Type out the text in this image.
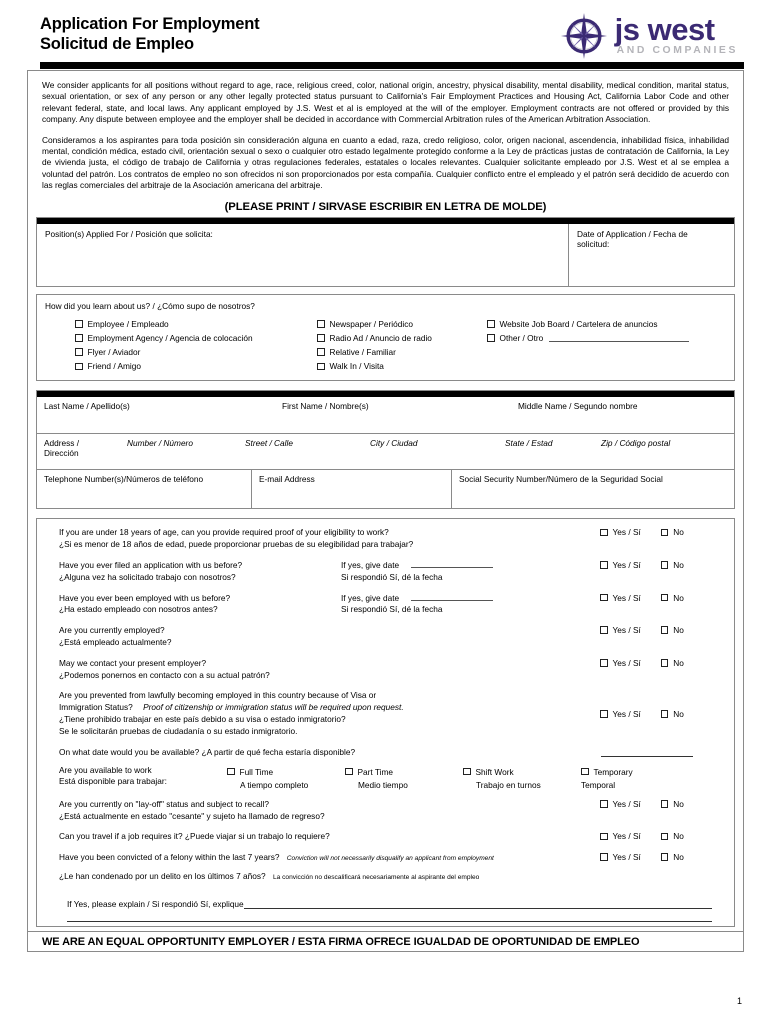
Application For Employment
Solicitud de Empleo	js west
AND COMPANIES

We consider applicants for all positions without regard to age, race, religious creed, color, national origin, ancestry, physical disability, mental disability, medical condition, marital status, sexual orientation, or sex of any person or any other legally protected status pursuant to California's Fair Employment Practices and Housing Act, California Labor Code and other relevant federal, state, and local laws. Any applicant employed by J.S. West et al is employed at the will of the employer. Employment contracts are not offered or provided by this company. Any dispute between employee and the employer shall be decided in accordance with Commercial Arbitration rules of the American Arbitration Association.

Consideramos a los aspirantes para toda posición sin consideración alguna en cuanto a edad, raza, credo religioso, color, origen nacional, ascendencia, inhabilidad física, inhabilidad mental, condición médica, estado civil, orientación sexual o sexo o cualquier otro estado legalmente protegido conforme a la Ley de prácticas justas de contratación de California, la Ley de vivienda justa, el código de trabajo de California y otras regulaciones federales, estatales o locales relevantes. Cualquier solicitante empleado por J.S. West et al se emplea a voluntad del patrón. Los contratos de empleo no son ofrecidos ni son proporcionados por esta compañía. Cualquier conflicto entre el empleado y el patrón será decidido de acuerdo con las reglas comerciales del arbitraje de la Asociación americana del arbitraje.

(PLEASE PRINT / SIRVASE ESCRIBIR EN LETRA DE MOLDE)
Position(s) Applied For / Posición que solicita:	Date of Application / Fecha de
solicitud:
How did you learn about us? / ¿Cómo supo de nosotros?
Employee / Empleado
Employment Agency / Agencia de colocación
Flyer / Aviador
Friend / Amigo
Newspaper / Periódico
Radio Ad / Anuncio de radio
Relative / Familiar
Walk In / Visita
Website Job Board / Cartelera de anuncios
Other / Otro
Last Name / Apellido(s)	First Name / Nombre(s)	Middle Name / Segundo nombre
Address /
Dirección
Number / Número	Street / Calle	City / Ciudad	State / Estad	Zip / Código postal
Telephone Number(s)/Números de teléfono	E-mail Address	Social Security Number/Número de la Seguridad Social
If you are under 18 years of age, can you provide required proof of your eligibility to work?
¿Si es menor de 18 años de edad, puede proporcionar pruebas de su elegibilidad para trabajar?
Yes / Sí	No
Have you ever filed an application with us before?
¿Alguna vez ha solicitado trabajo con nosotros?
If yes, give date
Si respondió Sí, dé la fecha
Yes / Sí	No
Have you ever been employed with us before?
¿Ha estado empleado con nosotros antes?
If yes, give date
Si respondió Sí, dé la fecha
Yes / Sí	No
Are you currently employed?
¿Está empleado actualmente?
Yes / Sí	No
May we contact your present employer?
¿Podemos ponernos en contacto con a su actual patrón?
Yes / Sí	No
Are you prevented from lawfully becoming employed in this country because of Visa or
Immigration Status? Proof of citizenship or immigration status will be required upon request.
¿Tiene prohibido trabajar en este país debido a su visa o estado inmigratorio?
Se le solicitarán pruebas de ciudadanía o su estado inmigratorio.
Yes / Sí	No
On what date would you be available? ¿A partir de qué fecha estaría disponible?
Are you available to work
Está disponible para trabajar:
Full Time
A tiempo completo
Part Time
Medio tiempo
Shift Work
Trabajo en turnos
Temporary
Temporal
Are you currently on "lay-off" status and subject to recall?
¿Está actualmente en estado "cesante" y sujeto ha llamado de regreso?
Yes / Sí	No
Can you travel if a job requires it? ¿Puede viajar si un trabajo lo requiere?	Yes / Sí	No
Have you been convicted of a felony within the last 7 years? Conviction will not necessarily disqualify an applicant from employment
¿Le han condenado por un delito en los últimos 7 años? La convicción no descalificará necesariamente al aspirante del empleo
Yes / Sí	No
If Yes, please explain / Si respondió Sí, explique
WE ARE AN EQUAL OPPORTUNITY EMPLOYER / ESTA FIRMA OFRECE IGUALDAD DE OPORTUNIDAD DE EMPLEO
1
